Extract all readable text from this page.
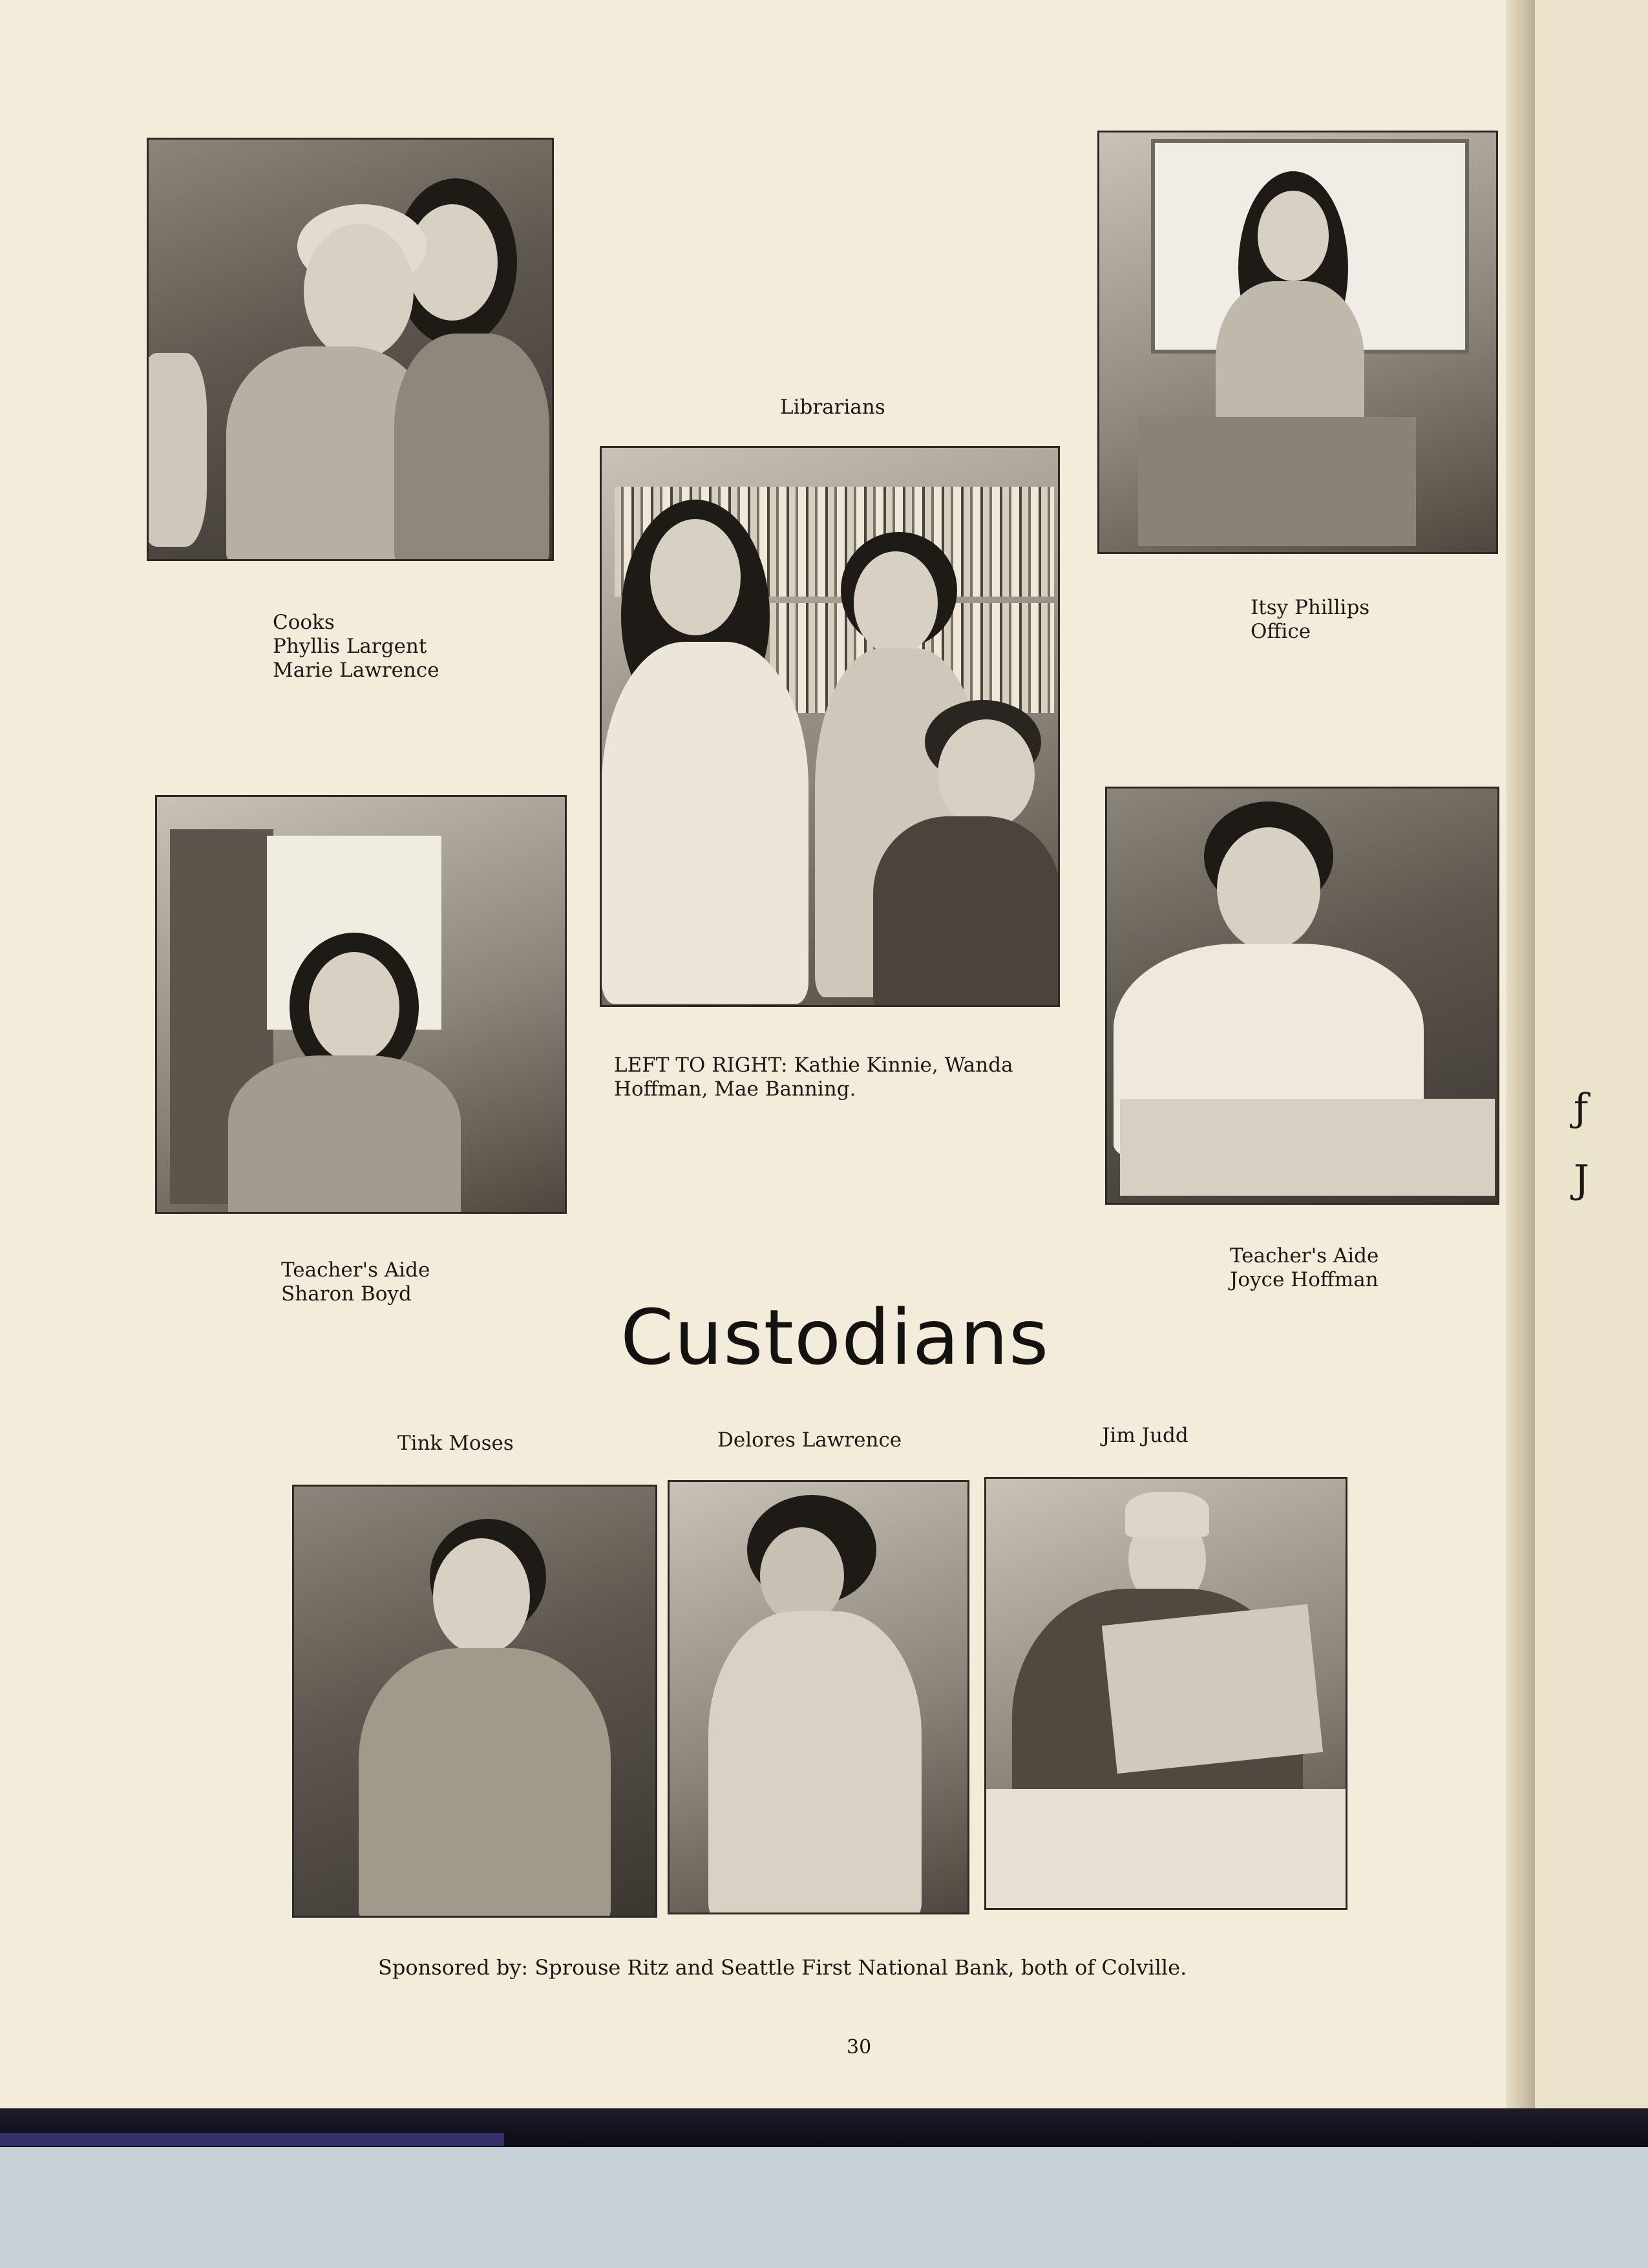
ƒ
J
Cooks
Phyllis Largent
Marie Lawrence
Librarians
LEFT TO RIGHT: Kathie Kinnie, Wanda
Hoffman, Mae Banning.
Itsy Phillips
Office
Teacher's Aide
Sharon Boyd
Teacher's Aide
Joyce Hoffman
Custodians
Tink Moses	Delores Lawrence	Jim Judd
Sponsored by: Sprouse Ritz and Seattle First National Bank, both of Colville.
30
